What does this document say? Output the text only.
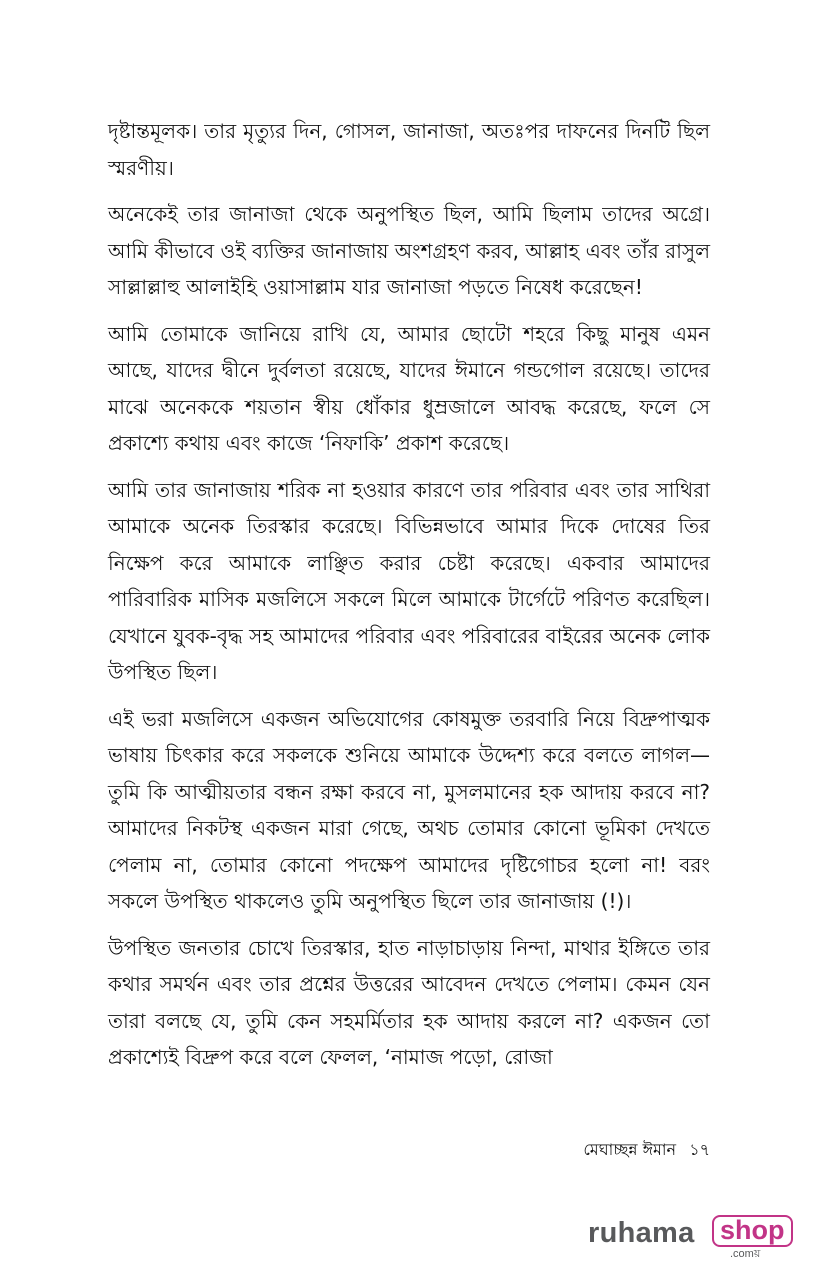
দৃষ্টান্তমূলক। তার মৃত্যুর দিন, গোসল, জানাজা, অতঃপর দাফনের দিনটি ছিল স্মরণীয়।

অনেকেই তার জানাজা থেকে অনুপস্থিত ছিল, আমি ছিলাম তাদের অগ্রে। আমি কীভাবে ওই ব্যক্তির জানাজায় অংশগ্রহণ করব, আল্লাহ এবং তাঁর রাসুল সাল্লাল্লাহু আলাইহি ওয়াসাল্লাম যার জানাজা পড়তে নিষেধ করেছেন!

আমি তোমাকে জানিয়ে রাখি যে, আমার ছোটো শহরে কিছু মানুষ এমন আছে, যাদের দ্বীনে দুর্বলতা রয়েছে, যাদের ঈমানে গন্ডগোল রয়েছে। তাদের মাঝে অনেককে শয়তান স্বীয় ধোঁকার ধুম্রজালে আবদ্ধ করেছে, ফলে সে প্রকাশ্যে কথায় এবং কাজে ‘নিফাকি’ প্রকাশ করেছে।

আমি তার জানাজায় শরিক না হওয়ার কারণে তার পরিবার এবং তার সাথিরা আমাকে অনেক তিরস্কার করেছে। বিভিন্নভাবে আমার দিকে দোষের তির নিক্ষেপ করে আমাকে লাঞ্ছিত করার চেষ্টা করেছে। একবার আমাদের পারিবারিক মাসিক মজলিসে সকলে মিলে আমাকে টার্গেটে পরিণত করেছিল। যেখানে যুবক-বৃদ্ধ সহ আমাদের পরিবার এবং পরিবারের বাইরের অনেক লোক উপস্থিত ছিল।

এই ভরা মজলিসে একজন অভিযোগের কোষমুক্ত তরবারি নিয়ে বিদ্রুপাত্মক ভাষায় চিৎকার করে সকলকে শুনিয়ে আমাকে উদ্দেশ্য করে বলতে লাগল—তুমি কি আত্মীয়তার বন্ধন রক্ষা করবে না, মুসলমানের হক আদায় করবে না? আমাদের নিকটস্থ একজন মারা গেছে, অথচ তোমার কোনো ভূমিকা দেখতে পেলাম না, তোমার কোনো পদক্ষেপ আমাদের দৃষ্টিগোচর হলো না! বরং সকলে উপস্থিত থাকলেও তুমি অনুপস্থিত ছিলে তার জানাজায় (!)।

উপস্থিত জনতার চোখে তিরস্কার, হাত নাড়াচাড়ায় নিন্দা, মাথার ইঙ্গিতে তার কথার সমর্থন এবং তার প্রশ্নের উত্তরের আবেদন দেখতে পেলাম। কেমন যেন তারা বলছে যে, তুমি কেন সহমর্মিতার হক আদায় করলে না? একজন তো প্রকাশ্যেই বিদ্রুপ করে বলে ফেলল, ‘নামাজ পড়ো, রোজা

মেঘাচ্ছন্ন ঈমান ১৭
ruhama shop
.comয়
